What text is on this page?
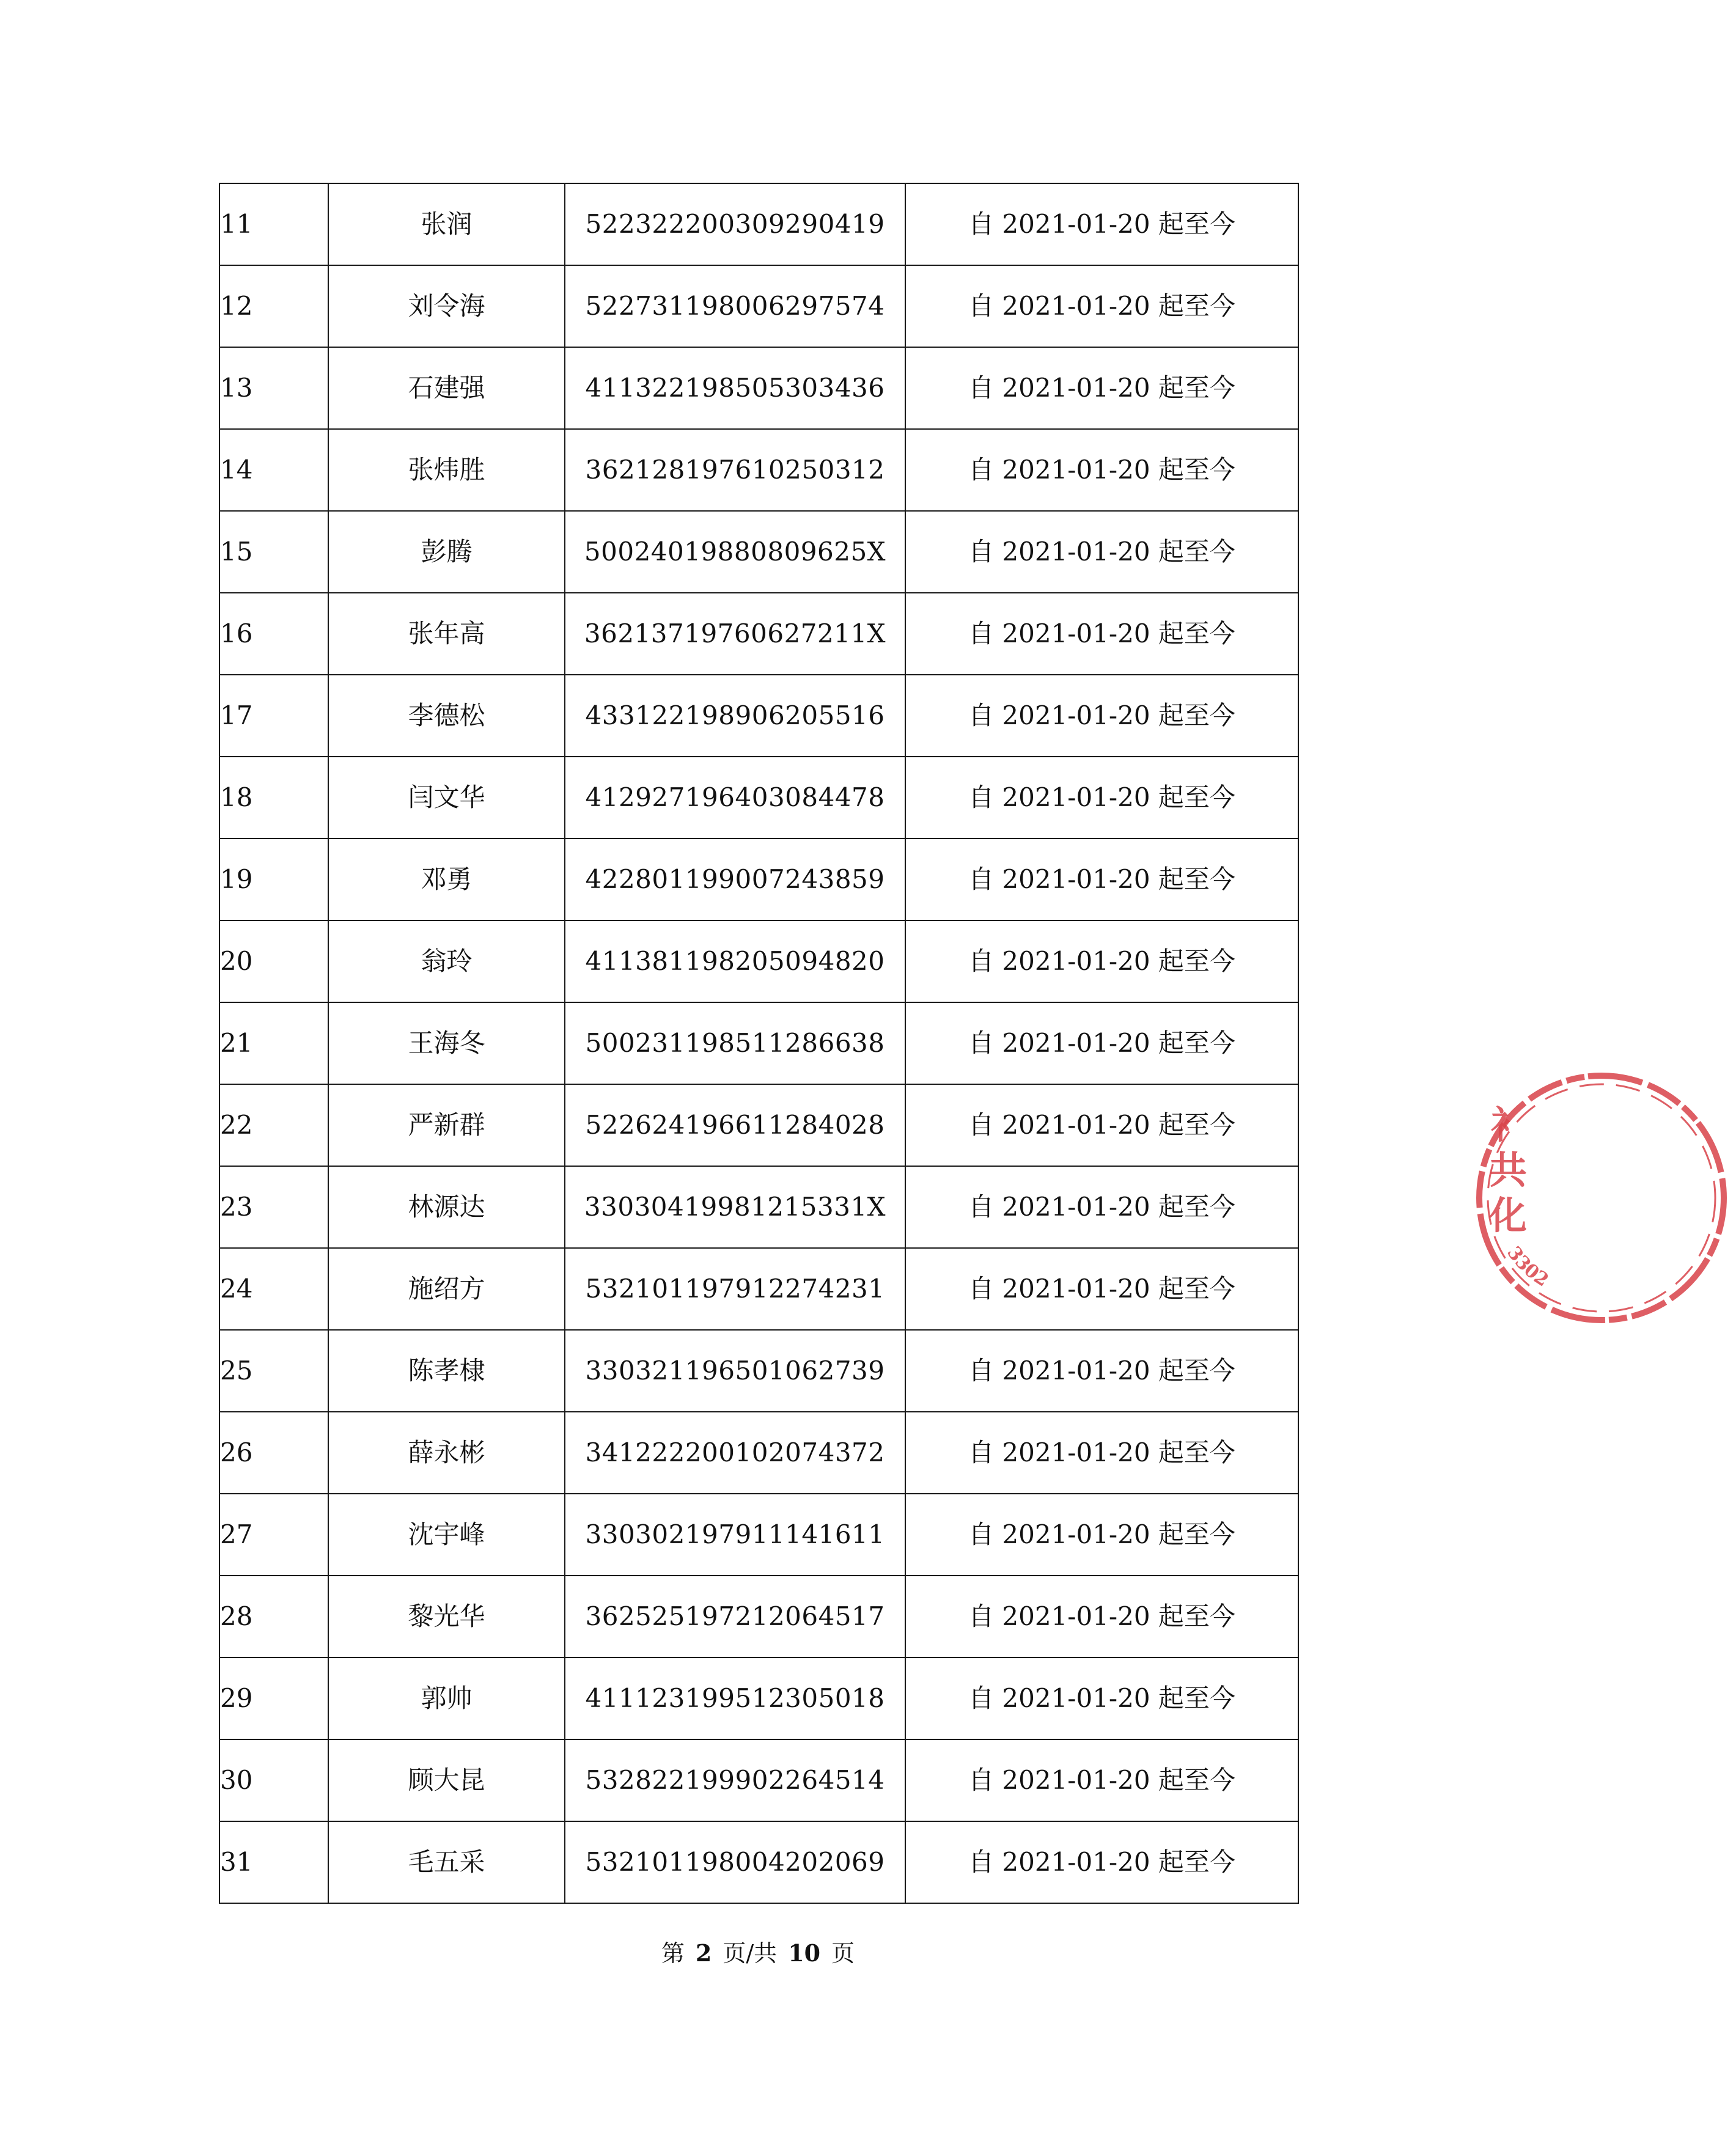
11	张润	522322200309290419	自 2021-01-20 起至今
12	刘令海	522731198006297574	自 2021-01-20 起至今
13	石建强	411322198505303436	自 2021-01-20 起至今
14	张炜胜	362128197610250312	自 2021-01-20 起至今
15	彭腾	50024019880809625X	自 2021-01-20 起至今
16	张年高	36213719760627211X	自 2021-01-20 起至今
17	李德松	433122198906205516	自 2021-01-20 起至今
18	闫文华	412927196403084478	自 2021-01-20 起至今
19	邓勇	422801199007243859	自 2021-01-20 起至今
20	翁玲	411381198205094820	自 2021-01-20 起至今
21	王海冬	500231198511286638	自 2021-01-20 起至今
22	严新群	522624196611284028	自 2021-01-20 起至今
23	林源达	33030419981215331X	自 2021-01-20 起至今
24	施绍方	532101197912274231	自 2021-01-20 起至今
25	陈孝棣	330321196501062739	自 2021-01-20 起至今
26	薛永彬	341222200102074372	自 2021-01-20 起至今
27	沈宇峰	330302197911141611	自 2021-01-20 起至今
28	黎光华	362525197212064517	自 2021-01-20 起至今
29	郭帅	411123199512305018	自 2021-01-20 起至今
30	顾大昆	532822199902264514	自 2021-01-20 起至今
31	毛五采	532101198004202069	自 2021-01-20 起至今
第 2 页/共 10 页
衤
共
化
3302
